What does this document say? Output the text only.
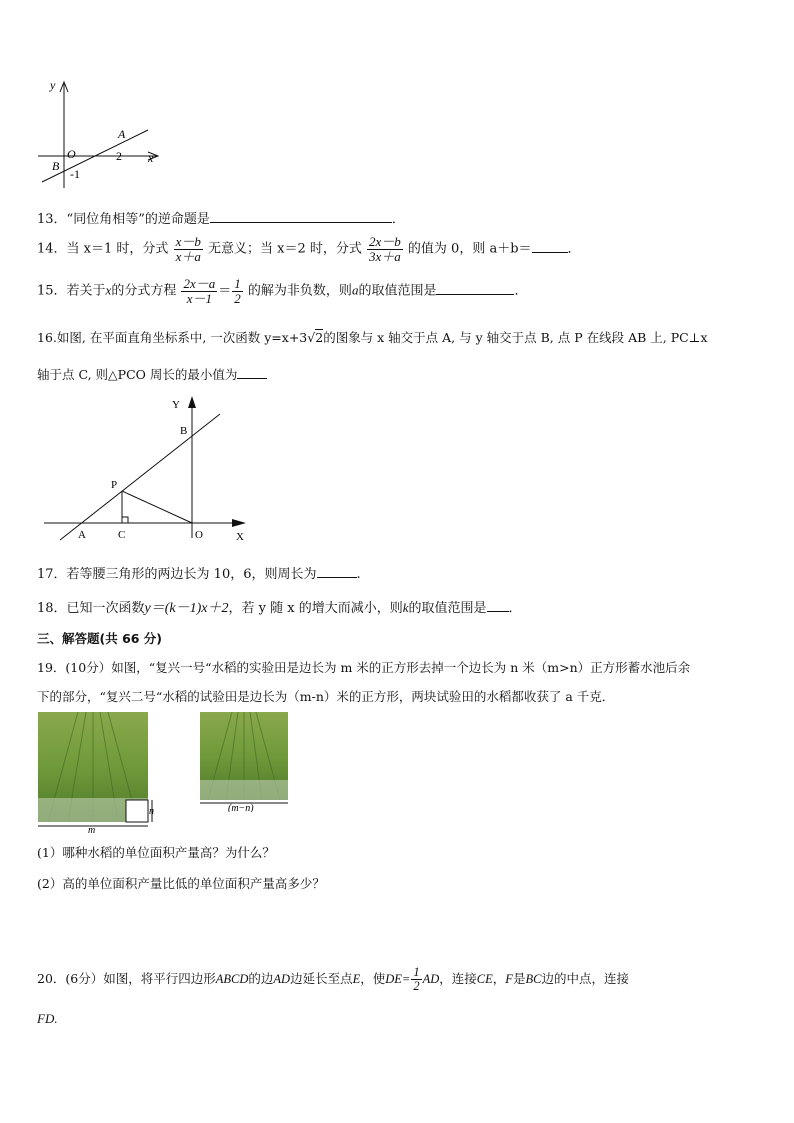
y
x
A
B
O	2
-1
13．“同位角相等”的逆命题是	．
14．当 x＝1 时，分式 $\frac{x-b}{x+a}$ 无意义；当 x＝2 时，分式 $\frac{2x-b}{3x+a}$ 的值为 0，则 a＋b＝	．
15．若关于x的分式方程 $\frac{2x-a}{x-1} = \frac{1}{2}$ 的解为非负数，则a的取值范围是	．
16.如图, 在平面直角坐标系中, 一次函数 y=x+3√2的图象与 x 轴交于点 A, 与 y 轴交于点 B, 点 P 在线段 AB 上, PC⊥x
轴于点 C, 则△PCO 周长的最小值为
Y
X
B
P
A	C	O
17．若等腰三角形的两边长为 10，6，则周长为	.
18．已知一次函数y＝(k－1)x＋2，若 y 随 x 的增大而减小，则k的取值范围是 ．
三、解答题(共 66 分)
19．(10分）如图，“复兴一号“水稻的实验田是边长为 m 米的正方形去掉一个边长为 n 米（m>n）正方形蓄水池后余
下的部分，“复兴二号“水稻的试验田是边长为（m-n）米的正方形，两块试验田的水稻都收获了 a 千克．
m
n	(m−n)
(1）哪种水稻的单位面积产量高？为什么？
(2）高的单位面积产量比低的单位面积产量高多少？
20．(6分）如图，将平行四边形ABCD的边AD边延长至点E，使$DE= \frac{1}{2}$ AD，连接CE，F是BC边的中点，连接
FD.
